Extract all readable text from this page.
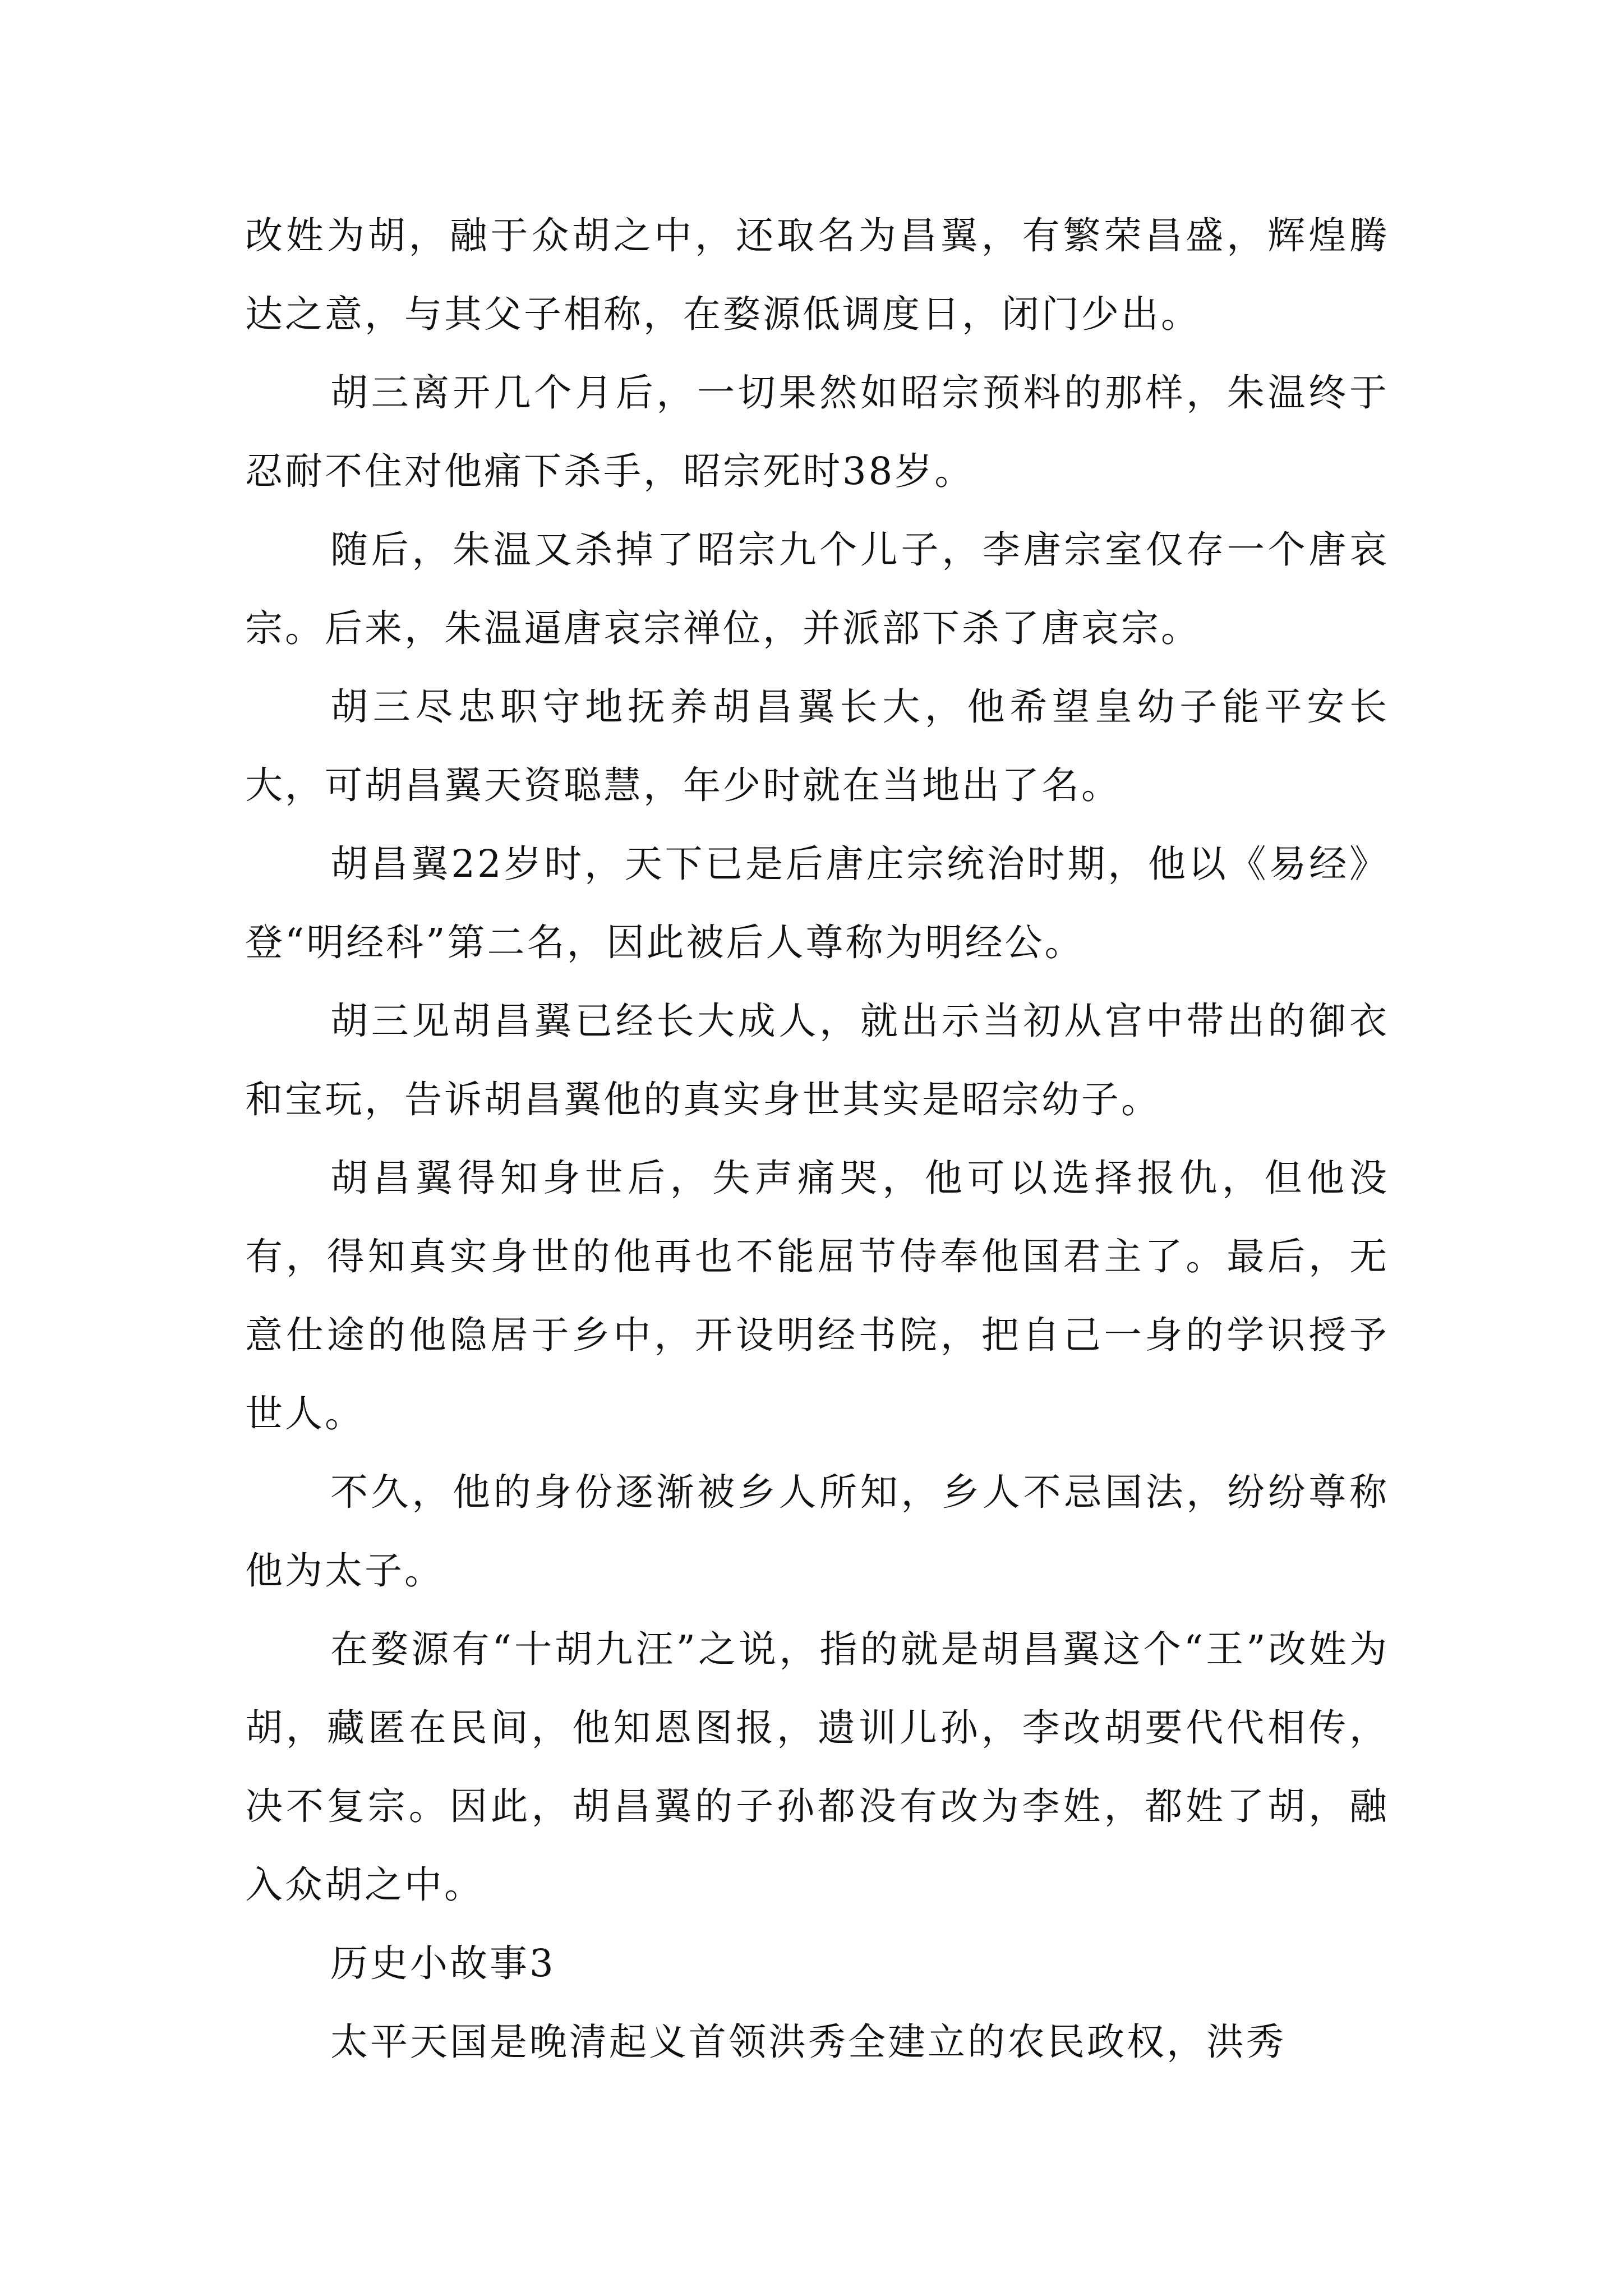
改姓为胡，融于众胡之中，还取名为昌翼，有繁荣昌盛，辉煌腾达之意，与其父子相称，在婺源低调度日，闭门少出。

胡三离开几个月后，一切果然如昭宗预料的那样，朱温终于忍耐不住对他痛下杀手，昭宗死时38岁。

随后，朱温又杀掉了昭宗九个儿子，李唐宗室仅存一个唐哀宗。后来，朱温逼唐哀宗禅位，并派部下杀了唐哀宗。

胡三尽忠职守地抚养胡昌翼长大，他希望皇幼子能平安长大，可胡昌翼天资聪慧，年少时就在当地出了名。

胡昌翼22岁时，天下已是后唐庄宗统治时期，他以《易经》登“明经科”第二名，因此被后人尊称为明经公。

胡三见胡昌翼已经长大成人，就出示当初从宫中带出的御衣和宝玩，告诉胡昌翼他的真实身世其实是昭宗幼子。

胡昌翼得知身世后，失声痛哭，他可以选择报仇，但他没有，得知真实身世的他再也不能屈节侍奉他国君主了。最后，无意仕途的他隐居于乡中，开设明经书院，把自己一身的学识授予世人。

不久，他的身份逐渐被乡人所知，乡人不忌国法，纷纷尊称他为太子。

在婺源有“十胡九汪”之说，指的就是胡昌翼这个“王”改姓为胡，藏匿在民间，他知恩图报，遗训儿孙，李改胡要代代相传，决不复宗。因此，胡昌翼的子孙都没有改为李姓，都姓了胡，融入众胡之中。

历史小故事3

太平天国是晚清起义首领洪秀全建立的农民政权，洪秀
